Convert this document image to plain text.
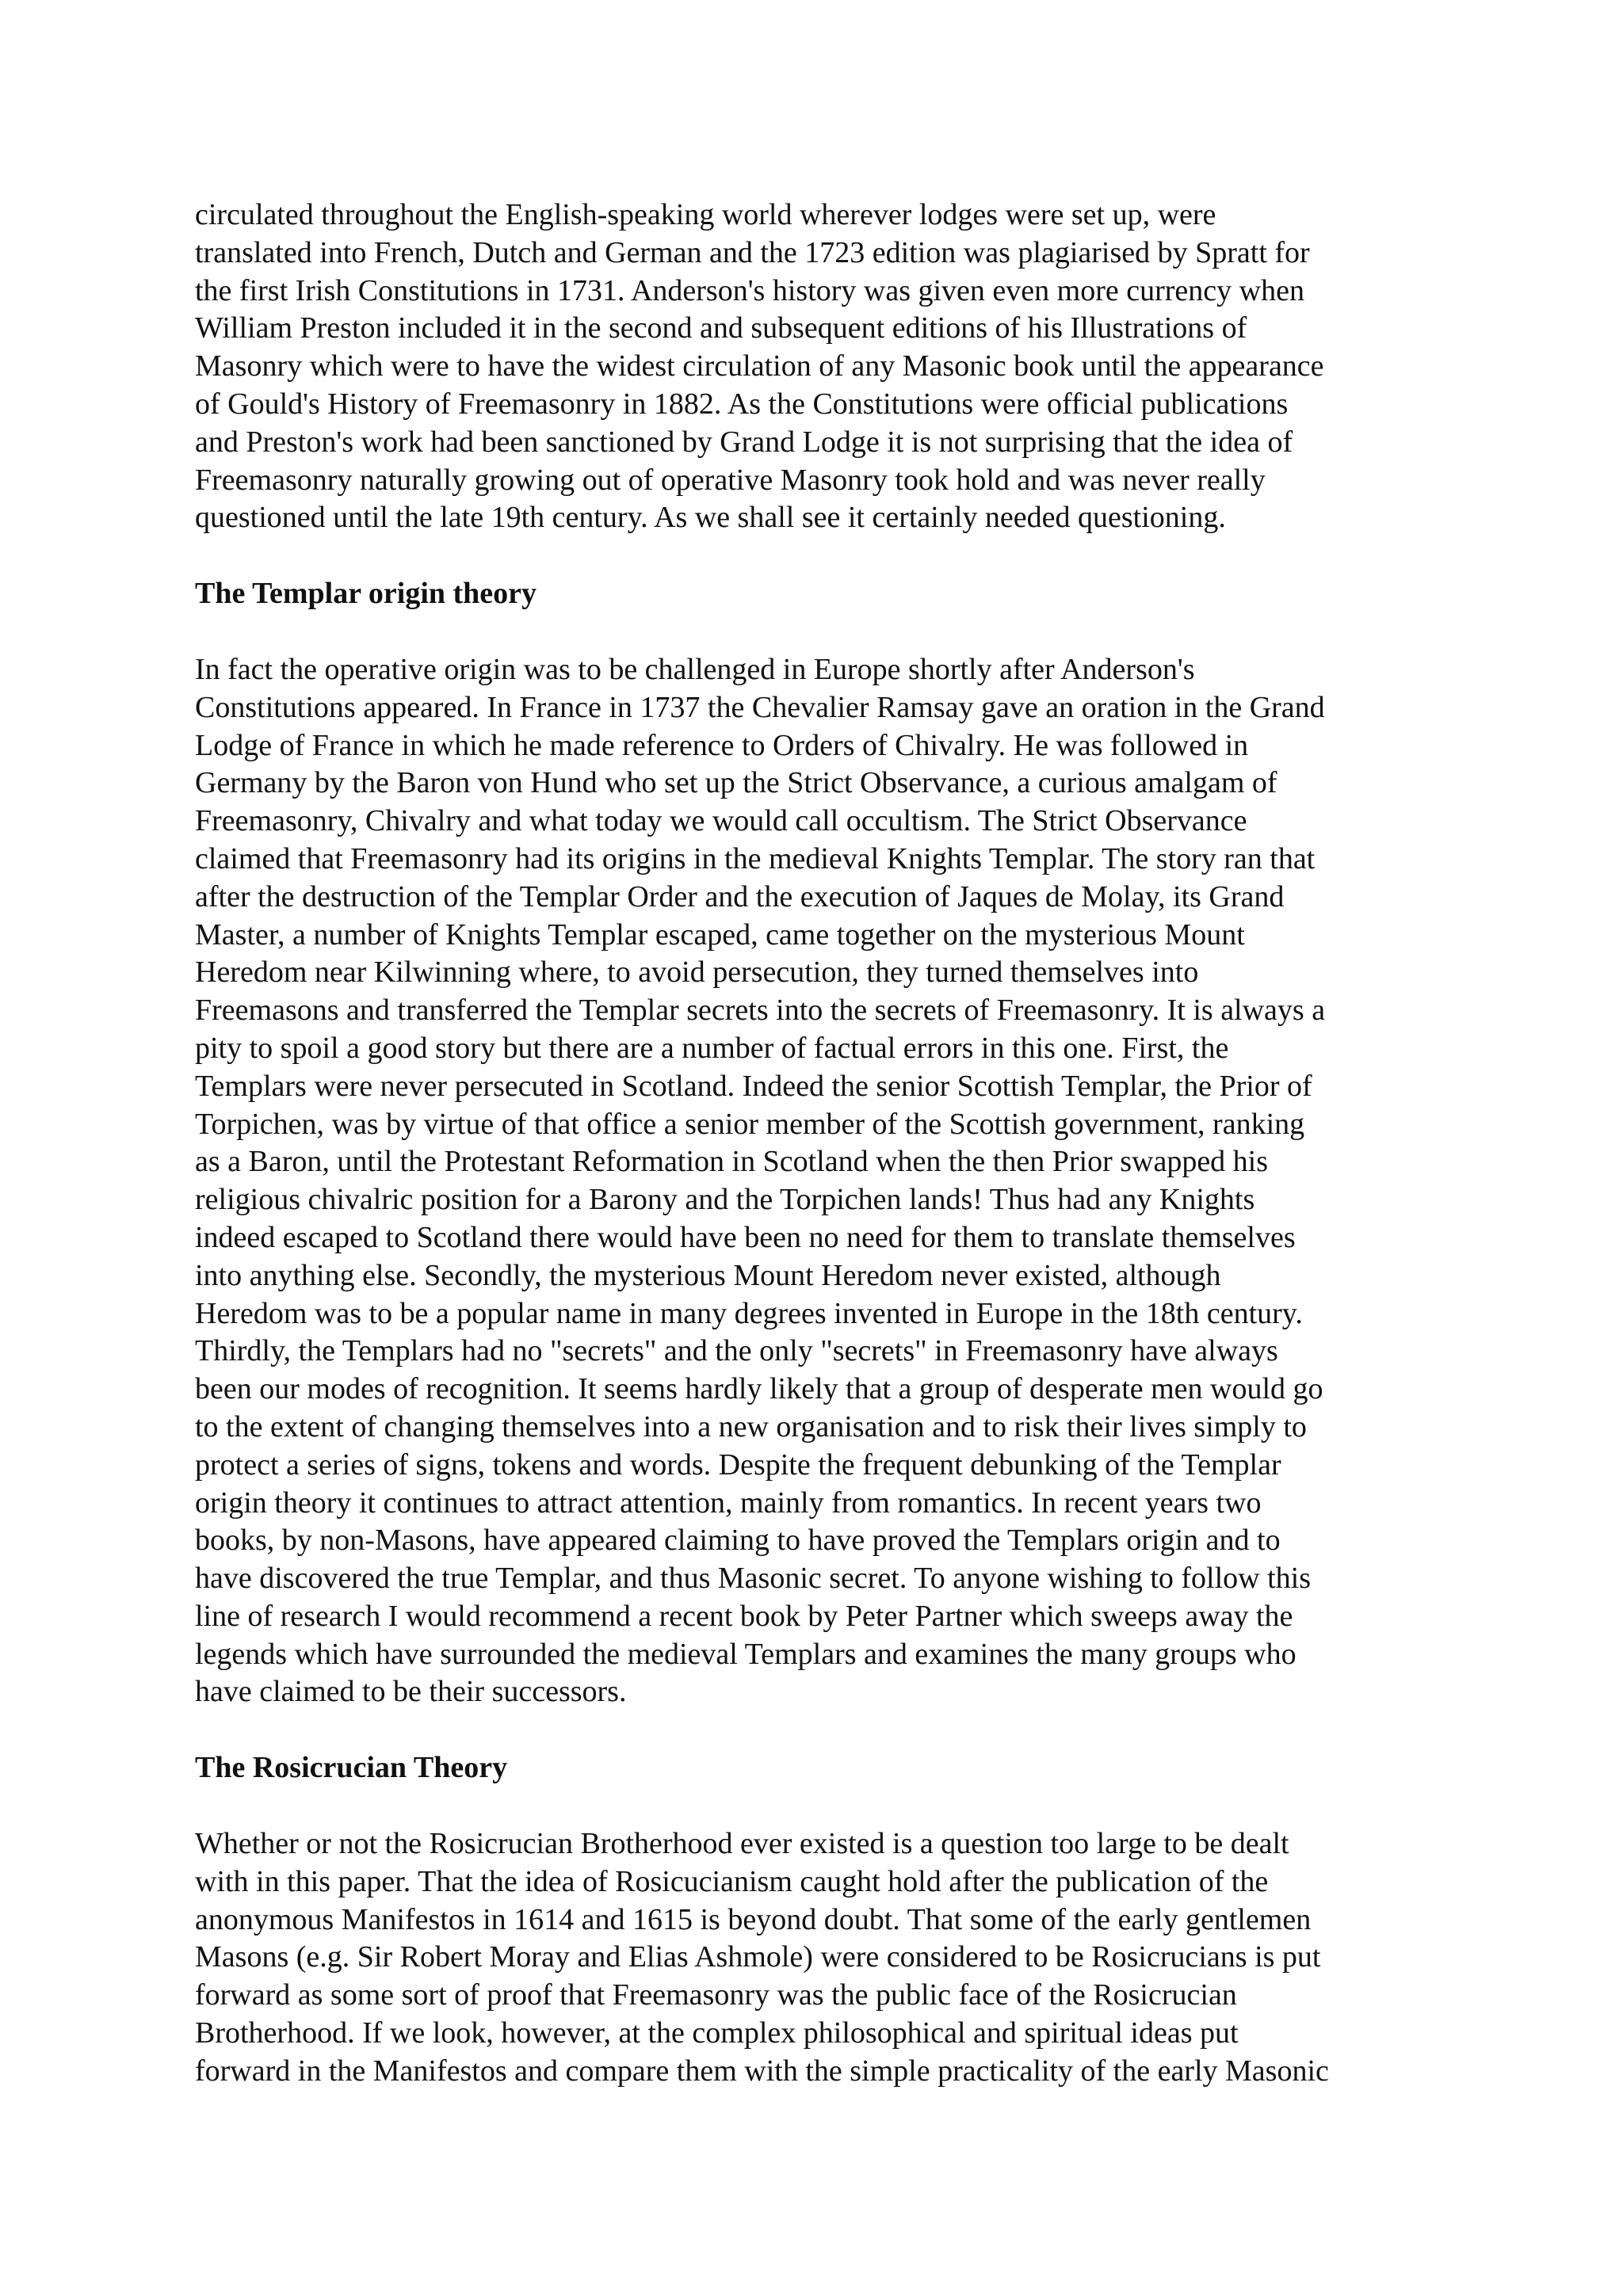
circulated throughout the English-speaking world wherever lodges were set up, were
translated into French, Dutch and German and the 1723 edition was plagiarised by Spratt for
the first Irish Constitutions in 1731. Anderson's history was given even more currency when
William Preston included it in the second and subsequent editions of his Illustrations of
Masonry which were to have the widest circulation of any Masonic book until the appearance
of Gould's History of Freemasonry in 1882. As the Constitutions were official publications
and Preston's work had been sanctioned by Grand Lodge it is not surprising that the idea of
Freemasonry naturally growing out of operative Masonry took hold and was never really
questioned until the late 19th century. As we shall see it certainly needed questioning.
The Templar origin theory
In fact the operative origin was to be challenged in Europe shortly after Anderson's
Constitutions appeared. In France in 1737 the Chevalier Ramsay gave an oration in the Grand
Lodge of France in which he made reference to Orders of Chivalry. He was followed in
Germany by the Baron von Hund who set up the Strict Observance, a curious amalgam of
Freemasonry, Chivalry and what today we would call occultism. The Strict Observance
claimed that Freemasonry had its origins in the medieval Knights Templar. The story ran that
after the destruction of the Templar Order and the execution of Jaques de Molay, its Grand
Master, a number of Knights Templar escaped, came together on the mysterious Mount
Heredom near Kilwinning where, to avoid persecution, they turned themselves into
Freemasons and transferred the Templar secrets into the secrets of Freemasonry. It is always a
pity to spoil a good story but there are a number of factual errors in this one. First, the
Templars were never persecuted in Scotland. Indeed the senior Scottish Templar, the Prior of
Torpichen, was by virtue of that office a senior member of the Scottish government, ranking
as a Baron, until the Protestant Reformation in Scotland when the then Prior swapped his
religious chivalric position for a Barony and the Torpichen lands! Thus had any Knights
indeed escaped to Scotland there would have been no need for them to translate themselves
into anything else. Secondly, the mysterious Mount Heredom never existed, although
Heredom was to be a popular name in many degrees invented in Europe in the 18th century.
Thirdly, the Templars had no "secrets" and the only "secrets" in Freemasonry have always
been our modes of recognition. It seems hardly likely that a group of desperate men would go
to the extent of changing themselves into a new organisation and to risk their lives simply to
protect a series of signs, tokens and words. Despite the frequent debunking of the Templar
origin theory it continues to attract attention, mainly from romantics. In recent years two
books, by non-Masons, have appeared claiming to have proved the Templars origin and to
have discovered the true Templar, and thus Masonic secret. To anyone wishing to follow this
line of research I would recommend a recent book by Peter Partner which sweeps away the
legends which have surrounded the medieval Templars and examines the many groups who
have claimed to be their successors.
The Rosicrucian Theory
Whether or not the Rosicrucian Brotherhood ever existed is a question too large to be dealt
with in this paper. That the idea of Rosicucianism caught hold after the publication of the
anonymous Manifestos in 1614 and 1615 is beyond doubt. That some of the early gentlemen
Masons (e.g. Sir Robert Moray and Elias Ashmole) were considered to be Rosicrucians is put
forward as some sort of proof that Freemasonry was the public face of the Rosicrucian
Brotherhood. If we look, however, at the complex philosophical and spiritual ideas put
forward in the Manifestos and compare them with the simple practicality of the early Masonic
